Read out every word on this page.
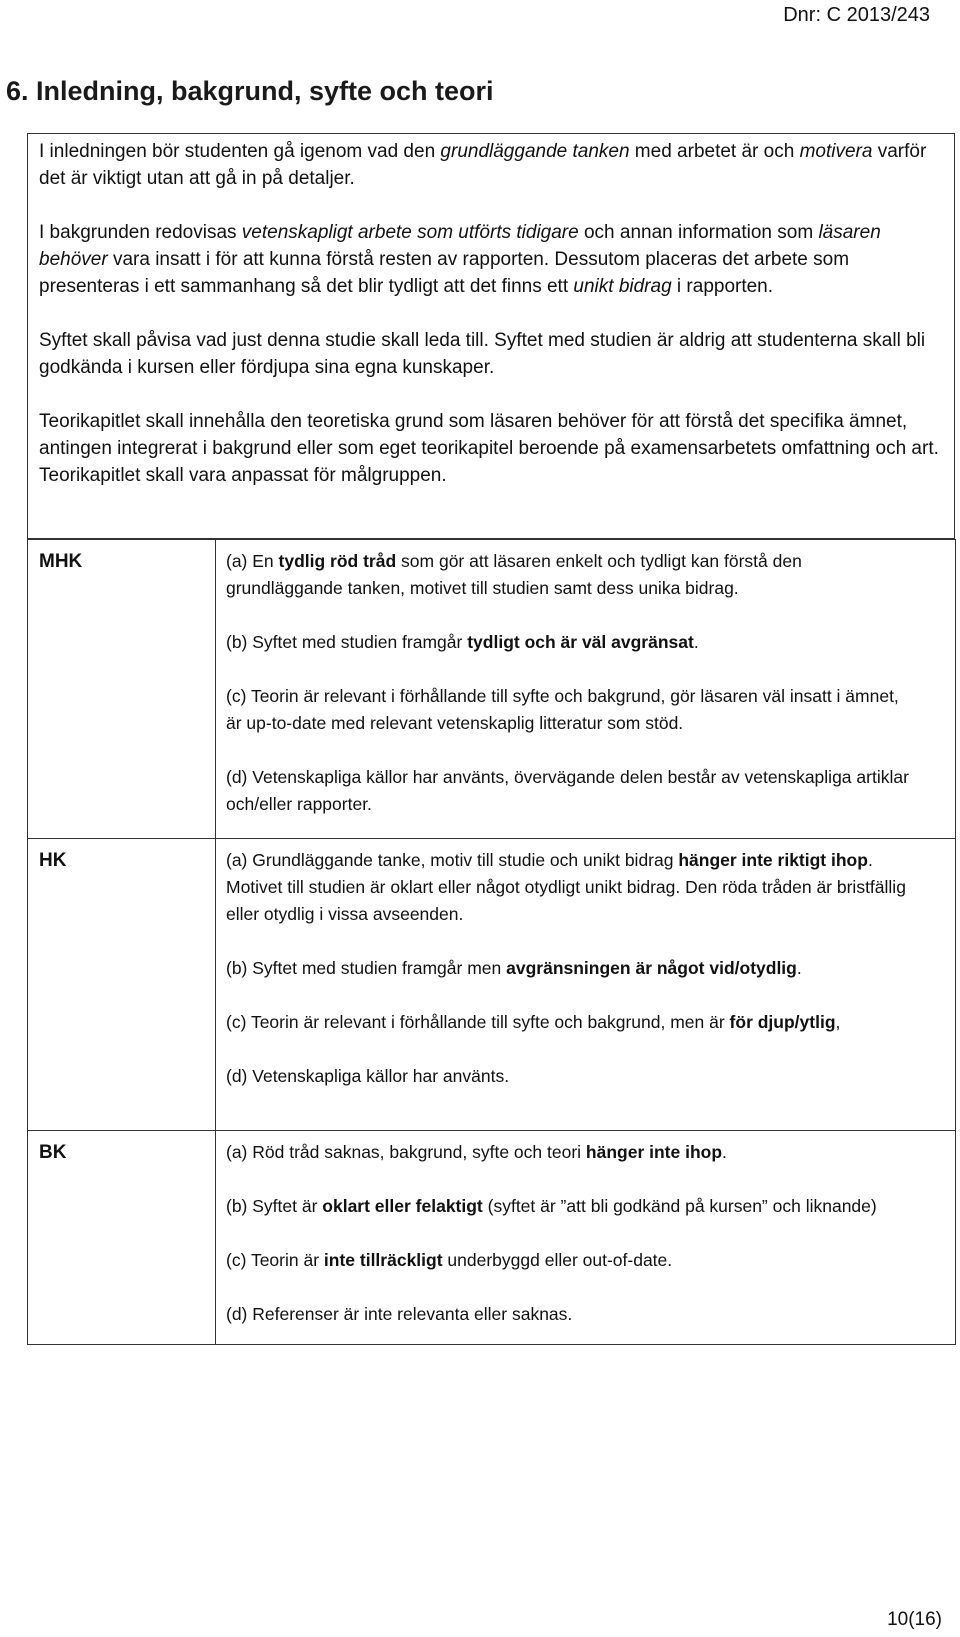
Dnr: C 2013/243
6. Inledning, bakgrund, syfte och teori

I inledningen bör studenten gå igenom vad den grundläggande tanken med arbetet är och motivera varför det är viktigt utan att gå in på detaljer.

I bakgrunden redovisas vetenskapligt arbete som utförts tidigare och annan information som läsaren behöver vara insatt i för att kunna förstå resten av rapporten. Dessutom placeras det arbete som presenteras i ett sammanhang så det blir tydligt att det finns ett unikt bidrag i rapporten.

Syftet skall påvisa vad just denna studie skall leda till. Syftet med studien är aldrig att studenterna skall bli godkända i kursen eller fördjupa sina egna kunskaper.

Teorikapitlet skall innehålla den teoretiska grund som läsaren behöver för att förstå det specifika ämnet, antingen integrerat i bakgrund eller som eget teorikapitel beroende på examensarbetets omfattning och art. Teorikapitlet skall vara anpassat för målgruppen.

MHK	(a) En tydlig röd tråd som gör att läsaren enkelt och tydligt kan förstå den grundläggande tanken, motivet till studien samt dess unika bidrag.

(b) Syftet med studien framgår tydligt och är väl avgränsat.

(c) Teorin är relevant i förhållande till syfte och bakgrund, gör läsaren väl insatt i ämnet, är up-to-date med relevant vetenskaplig litteratur som stöd.

(d) Vetenskapliga källor har använts, övervägande delen består av vetenskapliga artiklar och/eller rapporter.

HK	(a) Grundläggande tanke, motiv till studie och unikt bidrag hänger inte riktigt ihop. Motivet till studien är oklart eller något otydligt unikt bidrag. Den röda tråden är bristfällig eller otydlig i vissa avseenden.

(b) Syftet med studien framgår men avgränsningen är något vid/otydlig.

(c) Teorin är relevant i förhållande till syfte och bakgrund, men är för djup/ytlig,

(d) Vetenskapliga källor har använts.

BK	(a) Röd tråd saknas, bakgrund, syfte och teori hänger inte ihop.

(b) Syftet är oklart eller felaktigt (syftet är ”att bli godkänd på kursen” och liknande)

(c) Teorin är inte tillräckligt underbyggd eller out-of-date.

(d) Referenser är inte relevanta eller saknas.

10(16)
